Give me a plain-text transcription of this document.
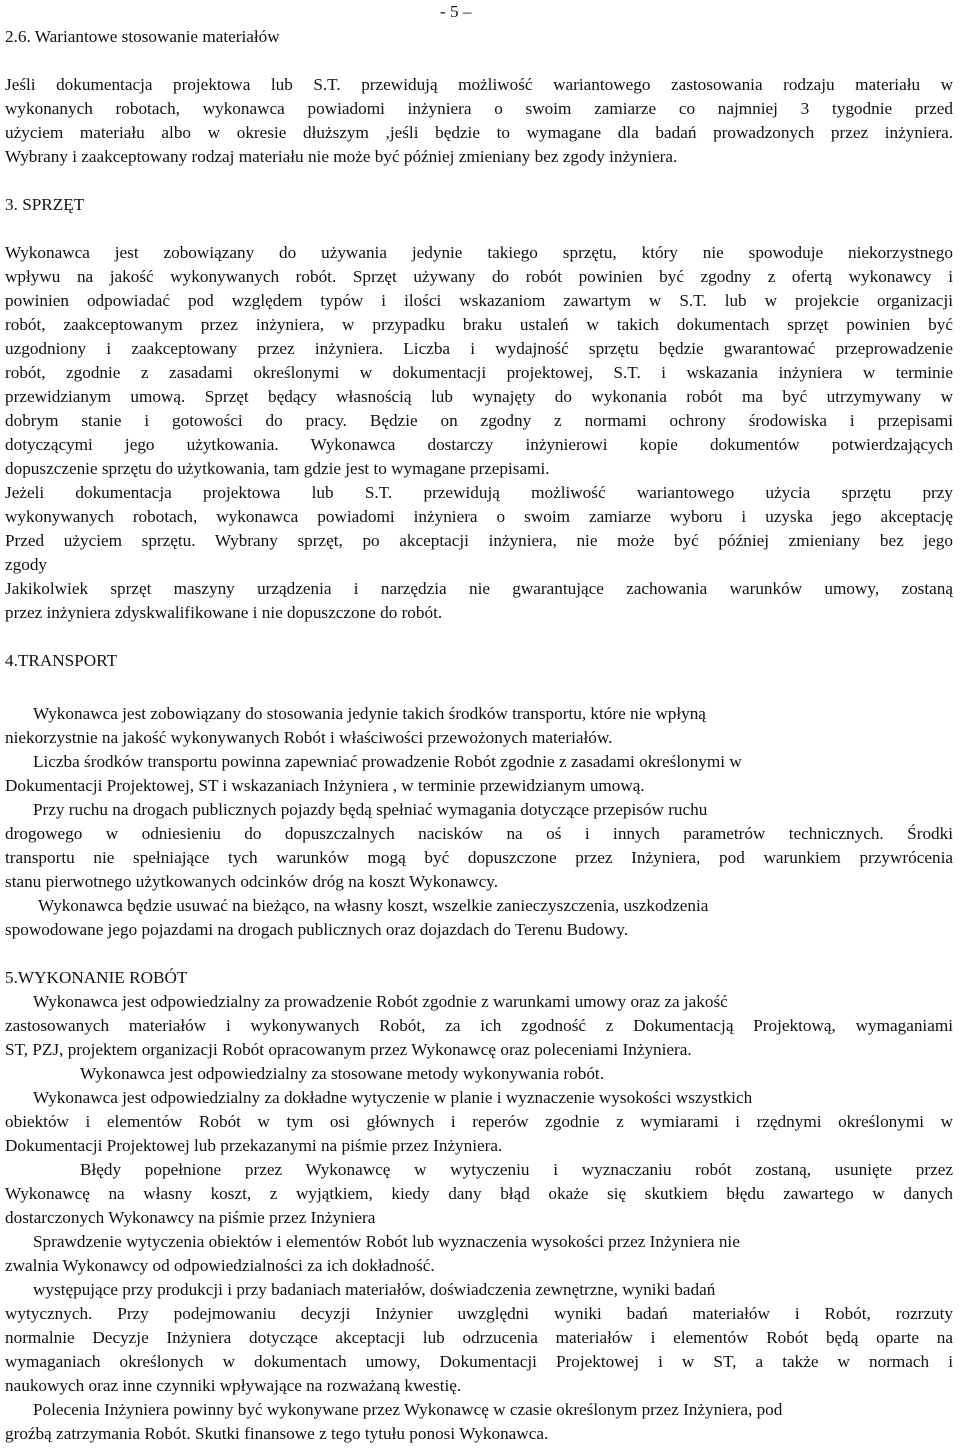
- 5 –

2.6. Wariantowe stosowanie materiałów

Jeśli dokumentacja projektowa lub S.T. przewidują możliwość wariantowego zastosowania rodzaju materiału w

wykonanych robotach, wykonawca powiadomi inżyniera o swoim zamiarze co najmniej 3 tygodnie przed

użyciem materiału albo w okresie dłuższym ,jeśli będzie to wymagane dla badań prowadzonych przez inżyniera.

Wybrany i zaakceptowany rodzaj materiału nie może być później zmieniany bez zgody inżyniera.

3. SPRZĘT

Wykonawca jest zobowiązany do używania jedynie takiego sprzętu, który nie spowoduje niekorzystnego

wpływu na jakość wykonywanych robót. Sprzęt używany do robót powinien być zgodny z ofertą wykonawcy i

powinien odpowiadać pod względem typów i ilości wskazaniom zawartym w S.T. lub w projekcie organizacji

robót, zaakceptowanym przez inżyniera, w przypadku braku ustaleń w takich dokumentach sprzęt powinien być

uzgodniony i zaakceptowany przez inżyniera. Liczba i wydajność sprzętu będzie gwarantować przeprowadzenie

robót, zgodnie z zasadami określonymi w dokumentacji projektowej, S.T. i wskazania inżyniera w terminie

przewidzianym umową. Sprzęt będący własnością lub wynajęty do wykonania robót ma być utrzymywany w

dobrym stanie i gotowości do pracy. Będzie on zgodny z normami ochrony środowiska i przepisami

dotyczącymi jego użytkowania. Wykonawca dostarczy inżynierowi kopie dokumentów potwierdzających

dopuszczenie sprzętu do użytkowania, tam gdzie jest to wymagane przepisami.

Jeżeli dokumentacja projektowa lub S.T. przewidują możliwość wariantowego użycia sprzętu przy

wykonywanych robotach, wykonawca powiadomi inżyniera o swoim zamiarze wyboru i uzyska jego akceptację

Przed użyciem sprzętu. Wybrany sprzęt, po akceptacji inżyniera, nie może być później zmieniany bez jego

zgody

Jakikolwiek sprzęt maszyny urządzenia i narzędzia nie gwarantujące zachowania warunków umowy, zostaną

przez inżyniera zdyskwalifikowane i nie dopuszczone do robót.

4.TRANSPORT

Wykonawca jest zobowiązany do stosowania jedynie takich środków transportu, które nie wpłyną

niekorzystnie na jakość wykonywanych Robót i właściwości przewożonych materiałów.

Liczba środków transportu powinna zapewniać prowadzenie Robót zgodnie z zasadami określonymi w

Dokumentacji Projektowej, ST i wskazaniach Inżyniera , w terminie przewidzianym umową.

Przy ruchu na drogach publicznych pojazdy będą spełniać wymagania dotyczące przepisów ruchu

drogowego w odniesieniu do dopuszczalnych nacisków na oś i innych parametrów technicznych. Środki

transportu nie spełniające tych warunków mogą być dopuszczone przez Inżyniera, pod warunkiem przywrócenia

stanu pierwotnego użytkowanych odcinków dróg na koszt Wykonawcy.

Wykonawca będzie usuwać na bieżąco, na własny koszt, wszelkie zanieczyszczenia, uszkodzenia

spowodowane jego pojazdami na drogach publicznych oraz dojazdach do Terenu Budowy.

5.WYKONANIE ROBÓT

Wykonawca jest odpowiedzialny za prowadzenie Robót zgodnie z warunkami umowy oraz za jakość

zastosowanych materiałów i wykonywanych Robót, za ich zgodność z Dokumentacją Projektową, wymaganiami

ST, PZJ, projektem organizacji Robót opracowanym przez Wykonawcę oraz poleceniami Inżyniera.

Wykonawca jest odpowiedzialny za stosowane metody wykonywania robót.

Wykonawca jest odpowiedzialny za dokładne wytyczenie w planie i wyznaczenie wysokości wszystkich

obiektów i elementów Robót w tym osi głównych i reperów zgodnie z wymiarami i rzędnymi określonymi w

Dokumentacji Projektowej lub przekazanymi na piśmie przez Inżyniera.

Błędy popełnione przez Wykonawcę w wytyczeniu i wyznaczaniu robót zostaną, usunięte przez

Wykonawcę na własny koszt, z wyjątkiem, kiedy dany błąd okaże się skutkiem błędu zawartego w danych

dostarczonych Wykonawcy na piśmie przez Inżyniera

Sprawdzenie wytyczenia obiektów i elementów Robót lub wyznaczenia wysokości przez Inżyniera nie

zwalnia Wykonawcy od odpowiedzialności za ich dokładność.

występujące przy produkcji i przy badaniach materiałów, doświadczenia zewnętrzne, wyniki badań

wytycznych. Przy podejmowaniu decyzji Inżynier uwzględni wyniki badań materiałów i Robót, rozrzuty

normalnie Decyzje Inżyniera dotyczące akceptacji lub odrzucenia materiałów i elementów Robót będą oparte na

wymaganiach określonych w dokumentach umowy, Dokumentacji Projektowej i w ST, a także w normach i

naukowych oraz inne czynniki wpływające na rozważaną kwestię.

Polecenia Inżyniera powinny być wykonywane przez Wykonawcę w czasie określonym przez Inżyniera, pod

groźbą zatrzymania Robót. Skutki finansowe z tego tytułu ponosi Wykonawca.
